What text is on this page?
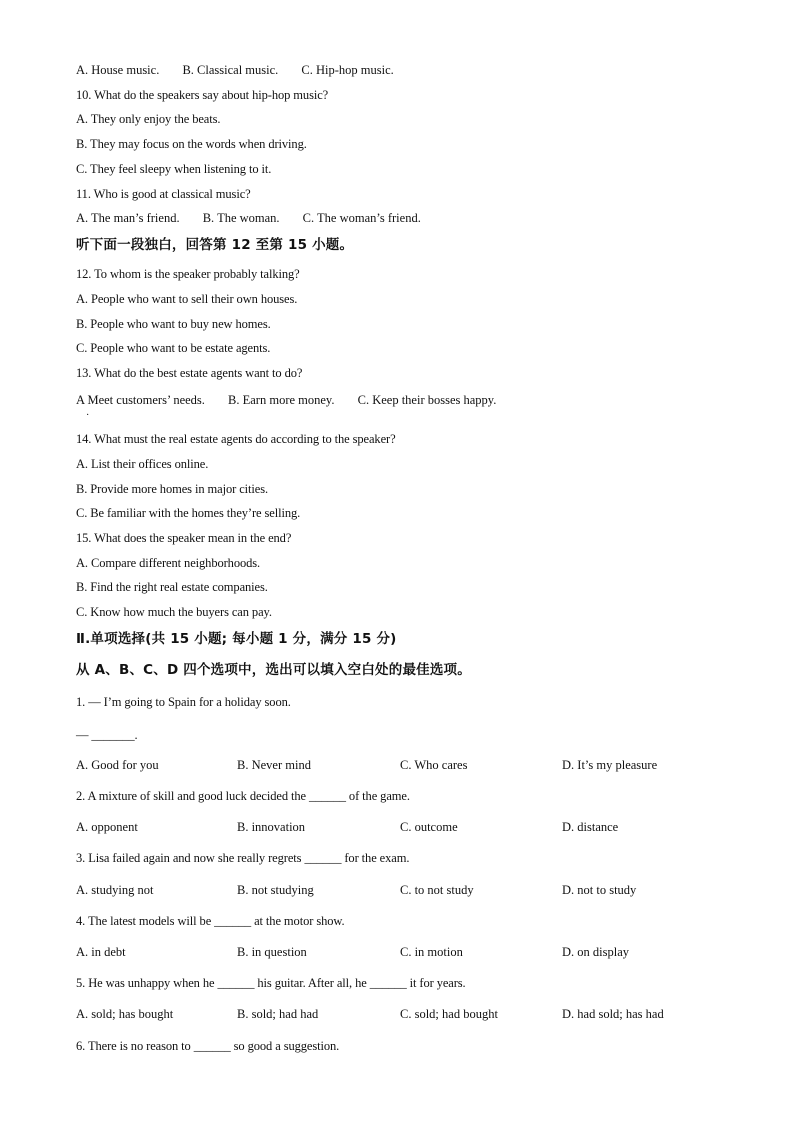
A. House music. B. Classical music. C. Hip-hop music.
10. What do the speakers say about hip-hop music?
A. They only enjoy the beats.
B. They may focus on the words when driving.
C. They feel sleepy when listening to it.
11. Who is good at classical music?
A. The man’s friend. B. The woman. C. The woman’s friend.
听下面一段独白，回答第 12 至第 15 小题。
12. To whom is the speaker probably talking?
A. People who want to sell their own houses.
B. People who want to buy new homes.
C. People who want to be estate agents.
13. What do the best estate agents want to do?
A Meet customers’ needs. B. Earn more money. C. Keep their bosses happy.
·
14. What must the real estate agents do according to the speaker?
A. List their offices online.
B. Provide more homes in major cities.
C. Be familiar with the homes they’re selling.
15. What does the speaker mean in the end?
A. Compare different neighborhoods.
B. Find the right real estate companies.
C. Know how much the buyers can pay.
Ⅱ.单项选择(共 15 小题; 每小题 1 分，满分 15 分)
从 A、B、C、D 四个选项中，选出可以填入空白处的最佳选项。
1. — I’m going to Spain for a holiday soon.
— _______.
A. Good for you	B. Never mind	C. Who cares	D. It’s my pleasure
2. A mixture of skill and good luck decided the ______ of the game.
A. opponent	B. innovation	C. outcome	D. distance
3. Lisa failed again and now she really regrets ______ for the exam.
A. studying not	B. not studying	C. to not study	D. not to study
4. The latest models will be ______ at the motor show.
A. in debt	B. in question	C. in motion	D. on display
5. He was unhappy when he ______ his guitar. After all, he ______ it for years.
A. sold; has bought	B. sold; had had	C. sold; had bought	D. had sold; has had
6. There is no reason to ______ so good a suggestion.
